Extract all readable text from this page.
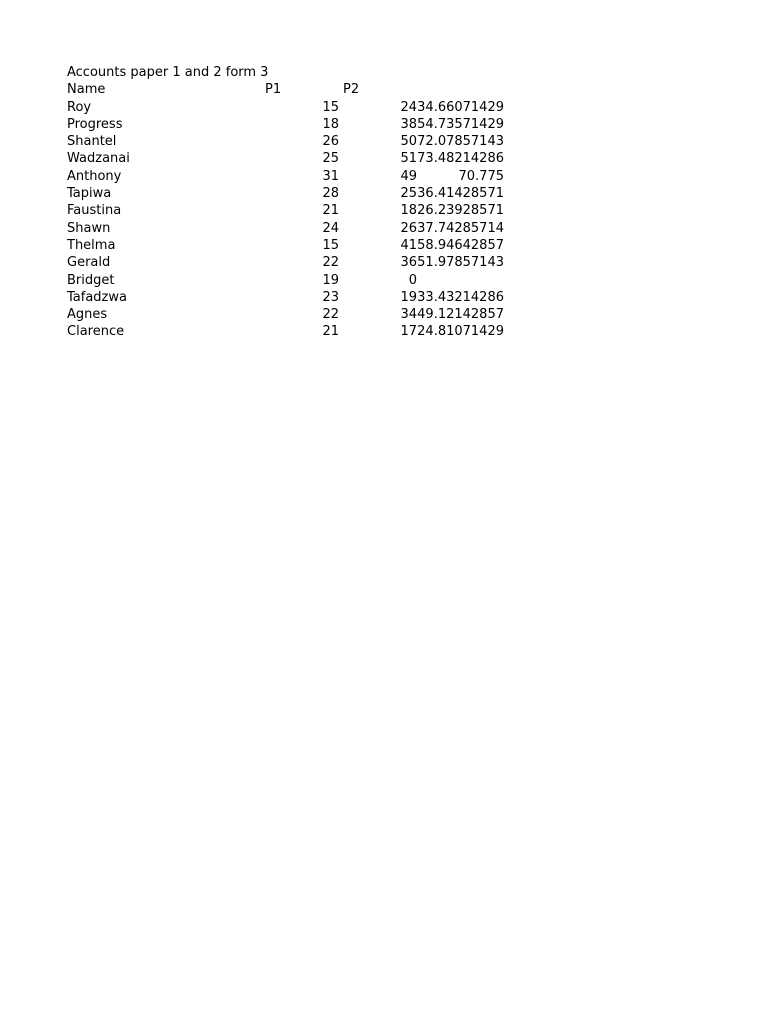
Accounts paper 1 and 2 form 3
Name	P1	P2
Roy	15	24 34.66071429
Progress	18	38 54.73571429
Shantel	26	50 72.07857143
Wadzanai	25	51 73.48214286
Anthony	31	49	70.775
Tapiwa	28	25 36.41428571
Faustina	21	18 26.23928571
Shawn	24	26 37.74285714
Thelma	15	41 58.94642857
Gerald	22	36 51.97857143
Bridget	19	0
Tafadzwa	23	19 33.43214286
Agnes	22	34 49.12142857
Clarence	21	17 24.81071429
